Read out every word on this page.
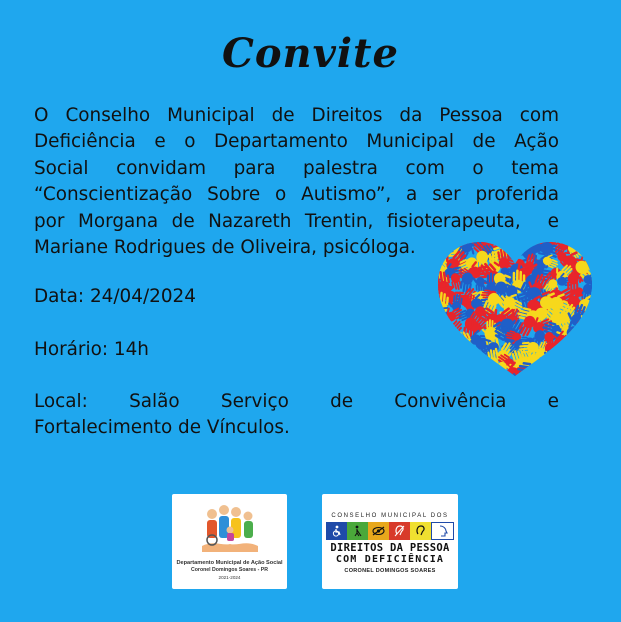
Convite
O Conselho Municipal de Direitos da Pessoa com
Deficiência e o Departamento Municipal de Ação
Social convidam para palestra com o tema
“Conscientização Sobre o Autismo”, a ser proferida
por Morgana de Nazareth Trentin, fisioterapeuta,  e
Mariane Rodrigues de Oliveira, psicóloga.
Data: 24/04/2024
Horário: 14h
Local: Salão Serviço de Convivência e
Fortalecimento de Vínculos.
Departamento Municipal de Ação Social
Coronel Domingos Soares - PR
2021-2024
CONSELHO MUNICIPAL DOS
DIREITOS DA PESSOA
COM DEFICIÊNCIA
CORONEL DOMINGOS SOARES
